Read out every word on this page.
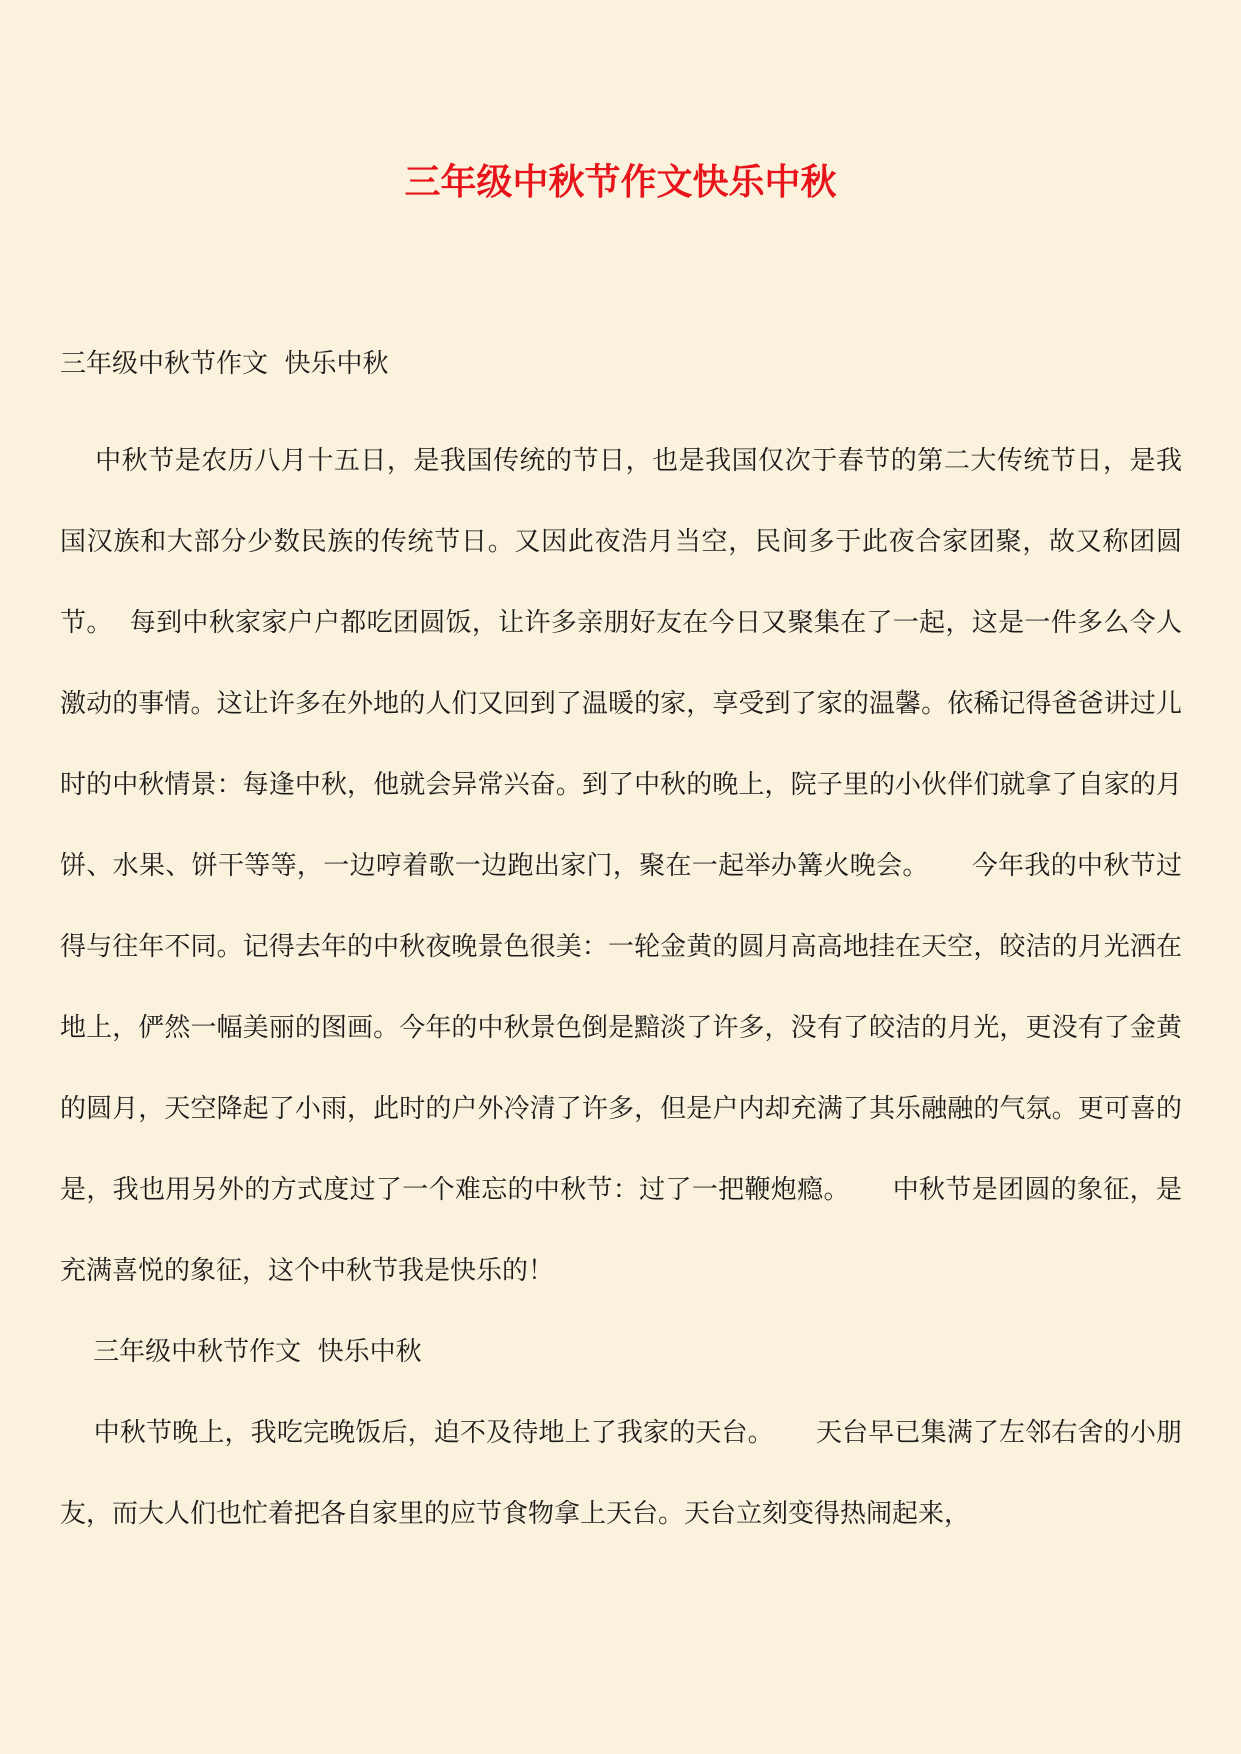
三年级中秋节作文快乐中秋

三年级中秋节作文  快乐中秋

中秋节是农历八月十五日，是我国传统的节日，也是我国仅次于春节的第二大传统节日，是我国汉族和大部分少数民族的传统节日。又因此夜浩月当空，民间多于此夜合家团聚，故又称团圆节。  每到中秋家家户户都吃团圆饭，让许多亲朋好友在今日又聚集在了一起，这是一件多么令人激动的事情。这让许多在外地的人们又回到了温暖的家，享受到了家的温馨。依稀记得爸爸讲过儿时的中秋情景：每逢中秋，他就会异常兴奋。到了中秋的晚上，院子里的小伙伴们就拿了自家的月饼、水果、饼干等等，一边哼着歌一边跑出家门，聚在一起举办篝火晚会。     今年我的中秋节过得与往年不同。记得去年的中秋夜晚景色很美：一轮金黄的圆月高高地挂在天空，皎洁的月光洒在地上，俨然一幅美丽的图画。今年的中秋景色倒是黯淡了许多，没有了皎洁的月光，更没有了金黄的圆月，天空降起了小雨，此时的户外冷清了许多，但是户内却充满了其乐融融的气氛。更可喜的是，我也用另外的方式度过了一个难忘的中秋节：过了一把鞭炮瘾。     中秋节是团圆的象征，是充满喜悦的象征，这个中秋节我是快乐的！

三年级中秋节作文  快乐中秋

中秋节晚上，我吃完晚饭后，迫不及待地上了我家的天台。     天台早已集满了左邻右舍的小朋友，而大人们也忙着把各自家里的应节食物拿上天台。天台立刻变得热闹起来，
